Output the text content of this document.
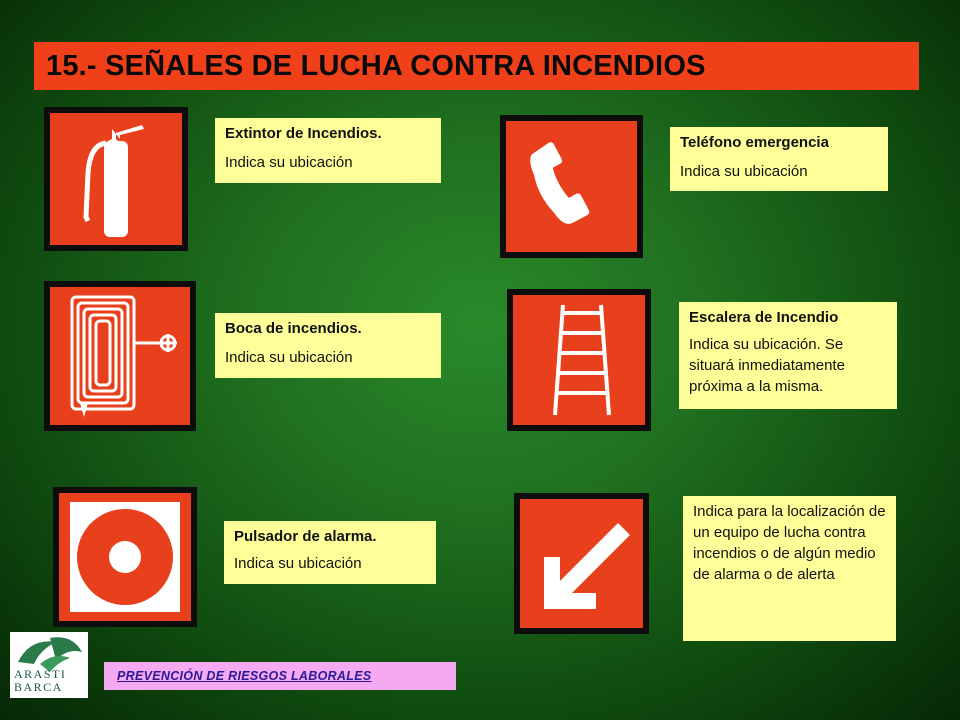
15.- SEÑALES DE LUCHA CONTRA INCENDIOS
Extintor de Incendios.
Indica su ubicación
Boca de incendios.
Indica su ubicación
Pulsador de alarma.
Indica su ubicación
Teléfono emergencia
Indica su ubicación
Escalera de Incendio
Indica su ubicación. Se situará inmediatamente próxima a la misma.
Indica para la localización de un equipo de lucha contra incendios o de algún medio de alarma o de alerta
ARASTI
BARCA
PREVENCIÓN DE RIESGOS LABORALES
